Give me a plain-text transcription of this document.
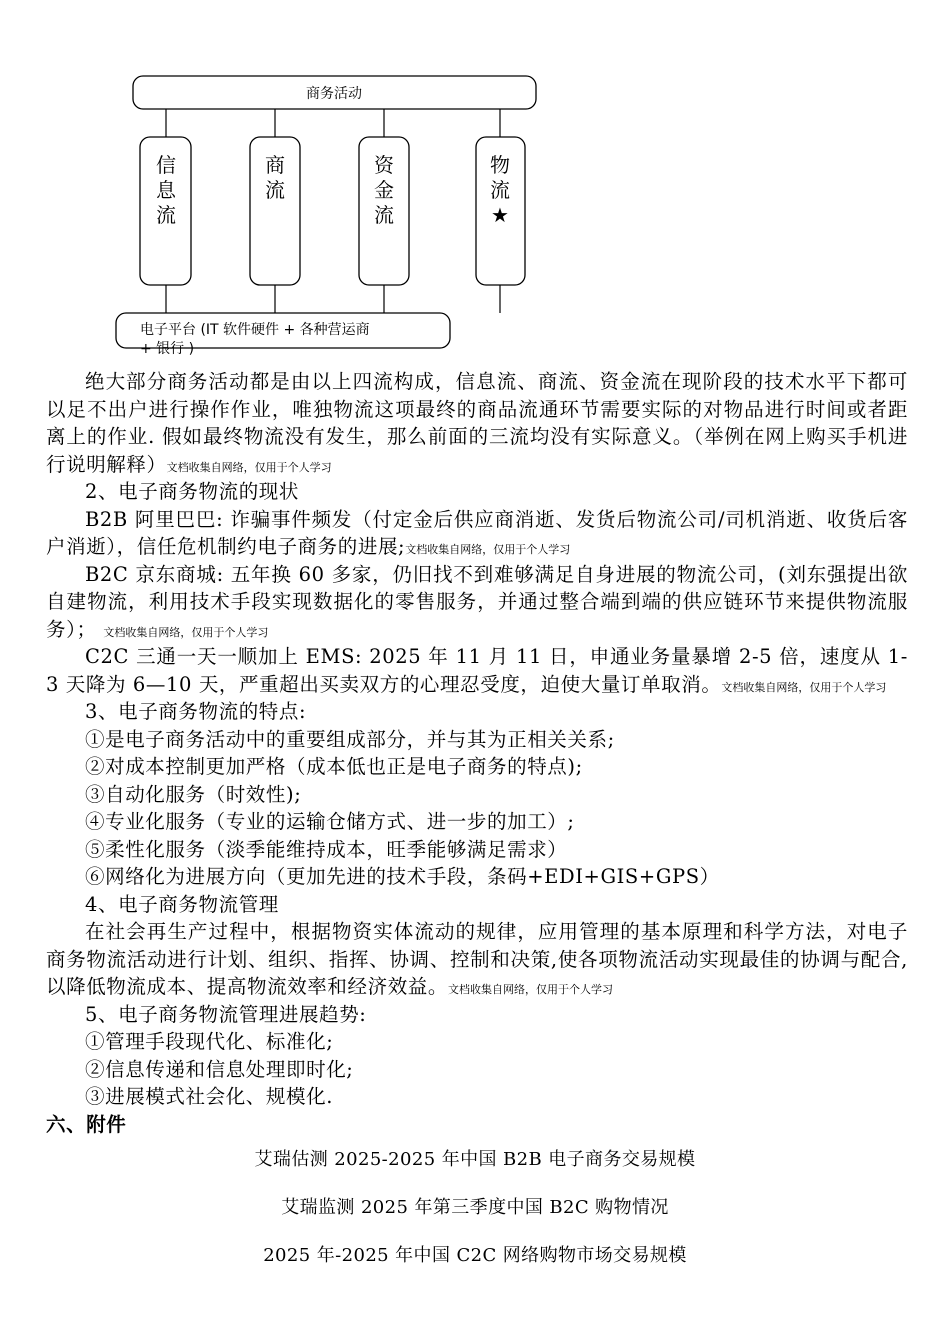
商务活动
信
息
流
商
流
资
金
流
物
流
★
电子平台 (IT 软件硬件 + 各种营运商
+ 银行 )

绝大部分商务活动都是由以上四流构成，信息流、商流、资金流在现阶段的技术水平下都可以足不出户进行操作作业，唯独物流这项最终的商品流通环节需要实际的对物品进行时间或者距离上的作业. 假如最终物流没有发生，那么前面的三流均没有实际意义。（举例在网上购买手机进行说明解释）文档收集自网络，仅用于个人学习

2、电子商务物流的现状

B2B 阿里巴巴: 诈骗事件频发（付定金后供应商消逝、发货后物流公司/司机消逝、收货后客户消逝），信任危机制约电子商务的进展;文档收集自网络，仅用于个人学习

B2C 京东商城: 五年换 60 多家，仍旧找不到难够满足自身进展的物流公司，(刘东强提出欲自建物流，利用技术手段实现数据化的零售服务，并通过整合端到端的供应链环节来提供物流服务）； 文档收集自网络，仅用于个人学习

C2C 三通一天一顺加上 EMS: 2025 年 11 月 11 日，申通业务量暴增 2-5 倍，速度从 1-3 天降为 6—10 天，严重超出买卖双方的心理忍受度，迫使大量订单取消。文档收集自网络，仅用于个人学习

3、电子商务物流的特点:

①是电子商务活动中的重要组成部分，并与其为正相关关系;

②对成本控制更加严格（成本低也正是电子商务的特点);

③自动化服务（时效性);

④专业化服务（专业的运输仓储方式、进一步的加工）;

⑤柔性化服务（淡季能维持成本，旺季能够满足需求）

⑥网络化为进展方向（更加先进的技术手段，条码+EDI+GIS+GPS）

4、电子商务物流管理

在社会再生产过程中，根据物资实体流动的规律，应用管理的基本原理和科学方法，对电子商务物流活动进行计划、组织、指挥、协调、控制和决策,使各项物流活动实现最佳的协调与配合,以降低物流成本、提高物流效率和经济效益。文档收集自网络，仅用于个人学习

5、电子商务物流管理进展趋势:

①管理手段现代化、标准化;

②信息传递和信息处理即时化;

③进展模式社会化、规模化.

六、附件

艾瑞估测 2025-2025 年中国 B2B 电子商务交易规模
艾瑞监测 2025 年第三季度中国 B2C 购物情况
2025 年-2025 年中国 C2C 网络购物市场交易规模
